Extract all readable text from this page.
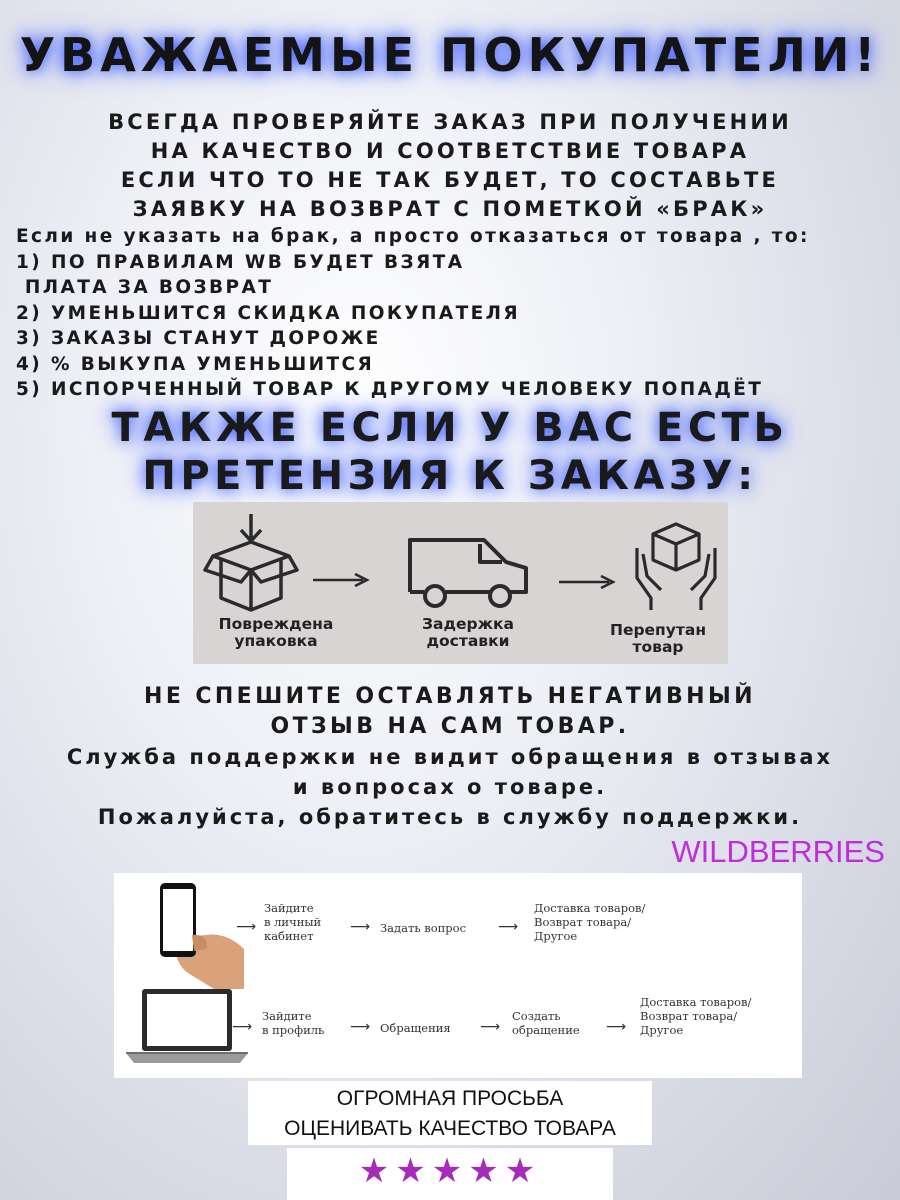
УВАЖАЕМЫЕ ПОКУПАТЕЛИ!
ВСЕГДА ПРОВЕРЯЙТЕ ЗАКАЗ ПРИ ПОЛУЧЕНИИ
НА КАЧЕСТВО И СООТВЕТСТВИЕ ТОВАРА
ЕСЛИ ЧТО ТО НЕ ТАК БУДЕТ, ТО СОСТАВЬТЕ
ЗАЯВКУ НА ВОЗВРАТ С ПОМЕТКОЙ «БРАК»
Если не указать на брак, а просто отказаться от товара , то:
1) ПО ПРАВИЛАМ WB БУДЕТ ВЗЯТА
ПЛАТА ЗА ВОЗВРАТ
2) УМЕНЬШИТСЯ СКИДКА ПОКУПАТЕЛЯ
3) ЗАКАЗЫ СТАНУТ ДОРОЖЕ
4) % ВЫКУПА УМЕНЬШИТСЯ
5) ИСПОРЧЕННЫЙ ТОВАР К ДРУГОМУ ЧЕЛОВЕКУ ПОПАДЁТ
ТАКЖЕ ЕСЛИ У ВАС ЕСТЬ
ПРЕТЕНЗИЯ К ЗАКАЗУ:
Повреждена
упаковка
Задержка
доставки
Перепутан
товар
НЕ СПЕШИТЕ ОСТАВЛЯТЬ НЕГАТИВНЫЙ
ОТЗЫВ НА САМ ТОВАР.
Служба поддержки не видит обращения в отзывах
и вопросах о товаре.
Пожалуйста, обратитесь в службу поддержки.
WILDBERRIES
⟶
Зайдите
в личный
кабинет
⟶ Задать вопрос ⟶
Доставка товаров/
Возврат товара/
Другое
⟶
Зайдите
в профиль ⟶ Обращения ⟶
Создать
обращение ⟶
Доставка товаров/
Возврат товара/
Другое
ОГРОМНАЯ ПРОСЬБА
ОЦЕНИВАТЬ КАЧЕСТВО ТОВАРА
★★★★★
